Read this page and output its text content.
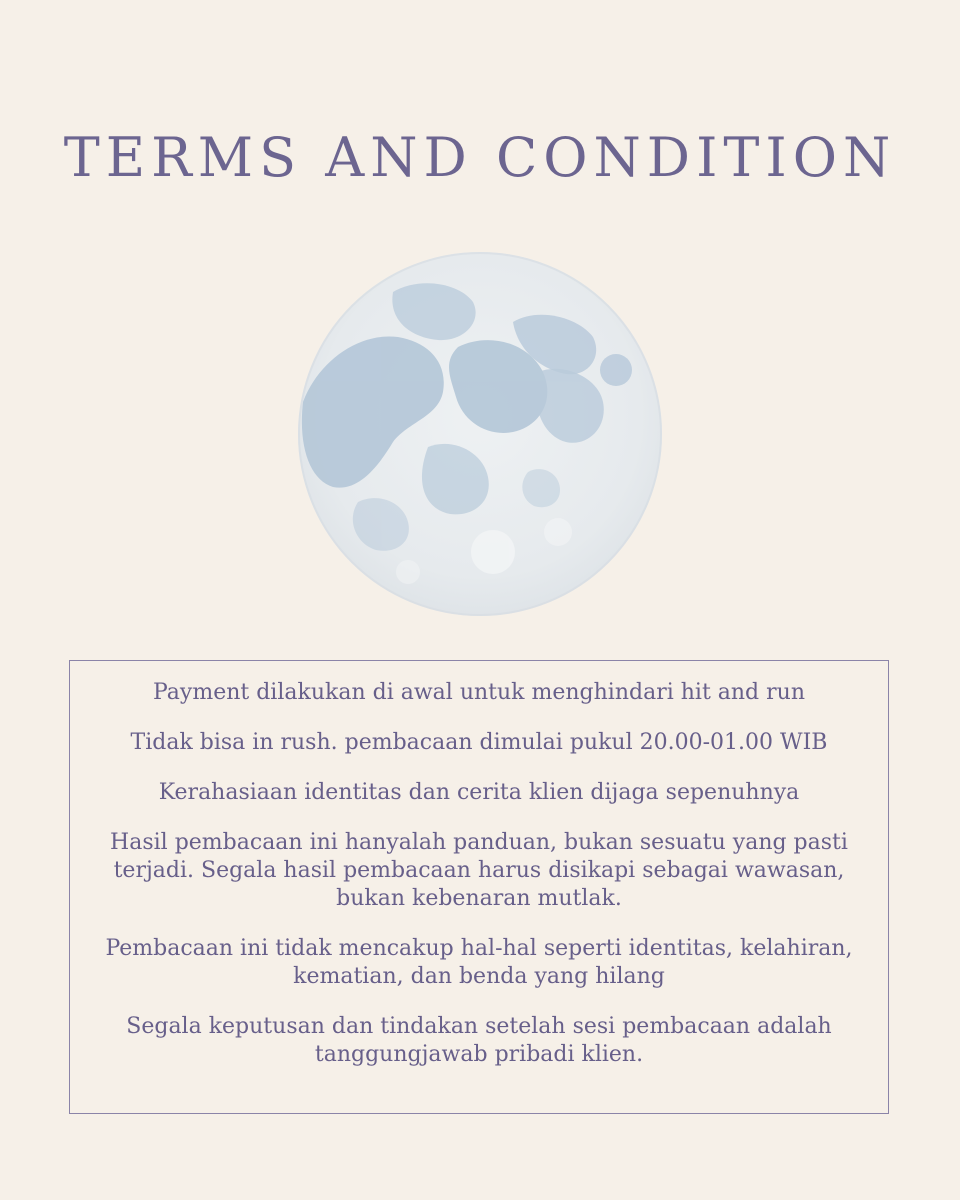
TERMS AND CONDITION

Payment dilakukan di awal untuk menghindari hit and run

Tidak bisa in rush. pembacaan dimulai pukul 20.00-01.00 WIB

Kerahasiaan identitas dan cerita klien dijaga sepenuhnya

Hasil pembacaan ini hanyalah panduan, bukan sesuatu yang pasti terjadi. Segala hasil pembacaan harus disikapi sebagai wawasan, bukan kebenaran mutlak.

Pembacaan ini tidak mencakup hal-hal seperti identitas, kelahiran, kematian, dan benda yang hilang

Segala keputusan dan tindakan setelah sesi pembacaan adalah tanggungjawab pribadi klien.
